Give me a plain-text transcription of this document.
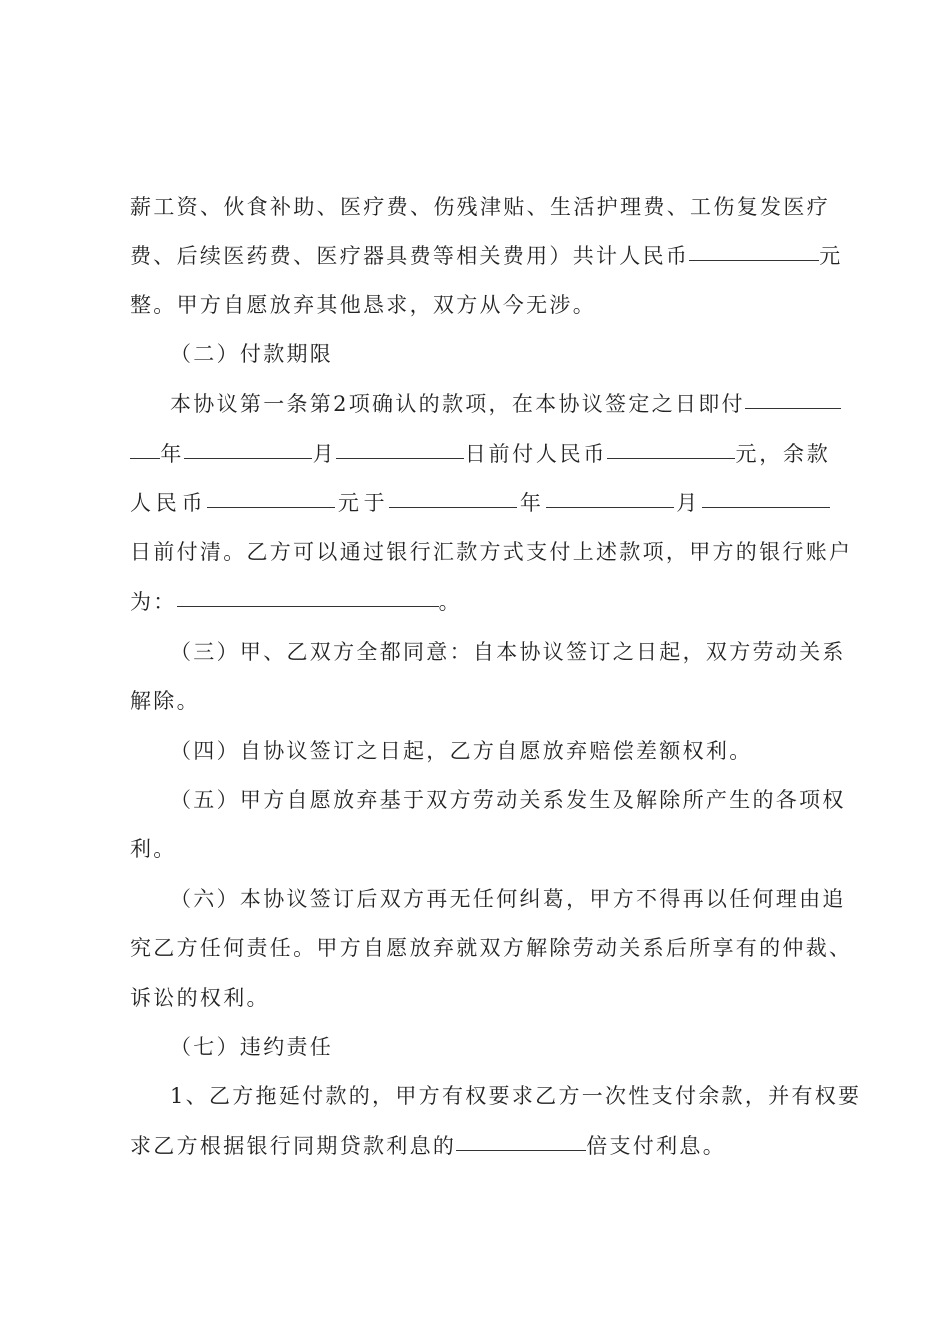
薪工资、伙食补助、医疗费、伤残津贴、生活护理费、工伤复发医疗
费、后续医药费、医疗器具费等相关费用）共计人民币	元
整。甲方自愿放弃其他恳求，双方从今无涉。
（二）付款期限
本协议第一条第2项确认的款项，在本协议签定之日即付
年	月	日前付人民币	元，余款
人民币	元于	年	月
日前付清。乙方可以通过银行汇款方式支付上述款项，甲方的银行账户
为：	。
（三）甲、乙双方全都同意：自本协议签订之日起，双方劳动关系
解除。
（四）自协议签订之日起，乙方自愿放弃赔偿差额权利。
（五）甲方自愿放弃基于双方劳动关系发生及解除所产生的各项权
利。
（六）本协议签订后双方再无任何纠葛，甲方不得再以任何理由追
究乙方任何责任。甲方自愿放弃就双方解除劳动关系后所享有的仲裁、
诉讼的权利。
（七）违约责任
1、乙方拖延付款的，甲方有权要求乙方一次性支付余款，并有权要
求乙方根据银行同期贷款利息的	倍支付利息。
